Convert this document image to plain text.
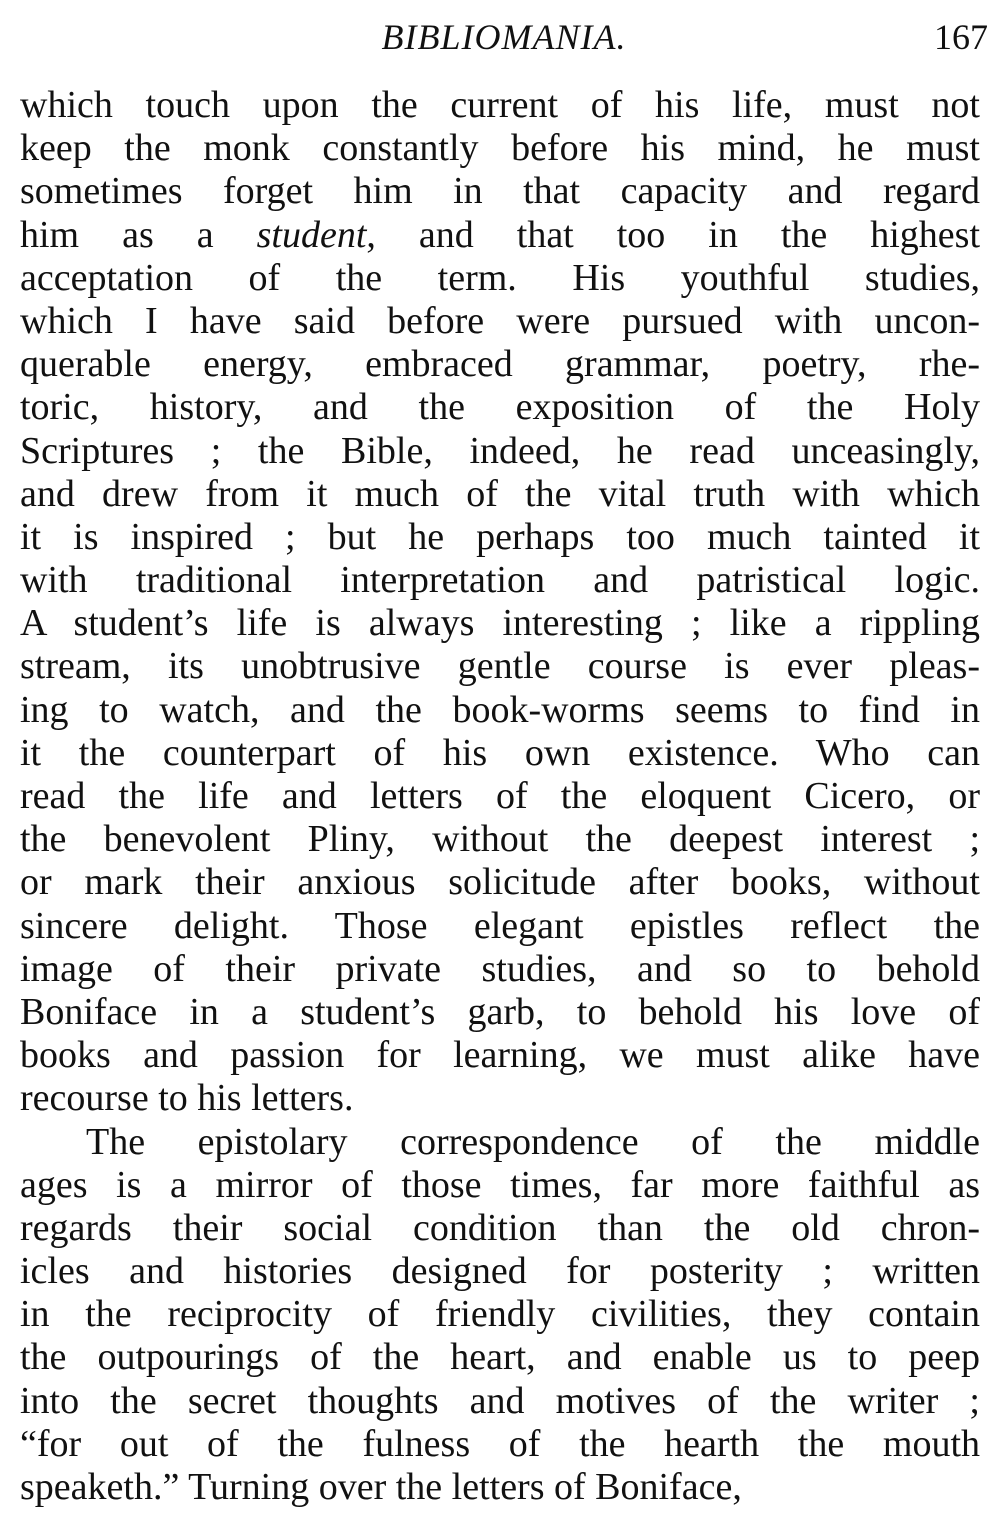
BIBLIOMANIA.	167
which touch upon the current of his life, must not
keep the monk constantly before his mind, he must
sometimes forget him in that capacity and regard
him as a student, and that too in the highest
acceptation of the term. His youthful studies,
which I have said before were pursued with uncon-
querable energy, embraced grammar, poetry, rhe-
toric, history, and the exposition of the Holy
Scriptures ; the Bible, indeed, he read unceasingly,
and drew from it much of the vital truth with which
it is inspired ; but he perhaps too much tainted it
with traditional interpretation and patristical logic.
A student’s life is always interesting ; like a rippling
stream, its unobtrusive gentle course is ever pleas-
ing to watch, and the book-worms seems to find in
it the counterpart of his own existence. Who can
read the life and letters of the eloquent Cicero, or
the benevolent Pliny, without the deepest interest ;
or mark their anxious solicitude after books, without
sincere delight. Those elegant epistles reflect the
image of their private studies, and so to behold
Boniface in a student’s garb, to behold his love of
books and passion for learning, we must alike have
recourse to his letters.
The epistolary correspondence of the middle
ages is a mirror of those times, far more faithful as
regards their social condition than the old chron-
icles and histories designed for posterity ; written
in the reciprocity of friendly civilities, they contain
the outpourings of the heart, and enable us to peep
into the secret thoughts and motives of the writer ;
“for out of the fulness of the hearth the mouth
speaketh.” Turning over the letters of Boniface,
